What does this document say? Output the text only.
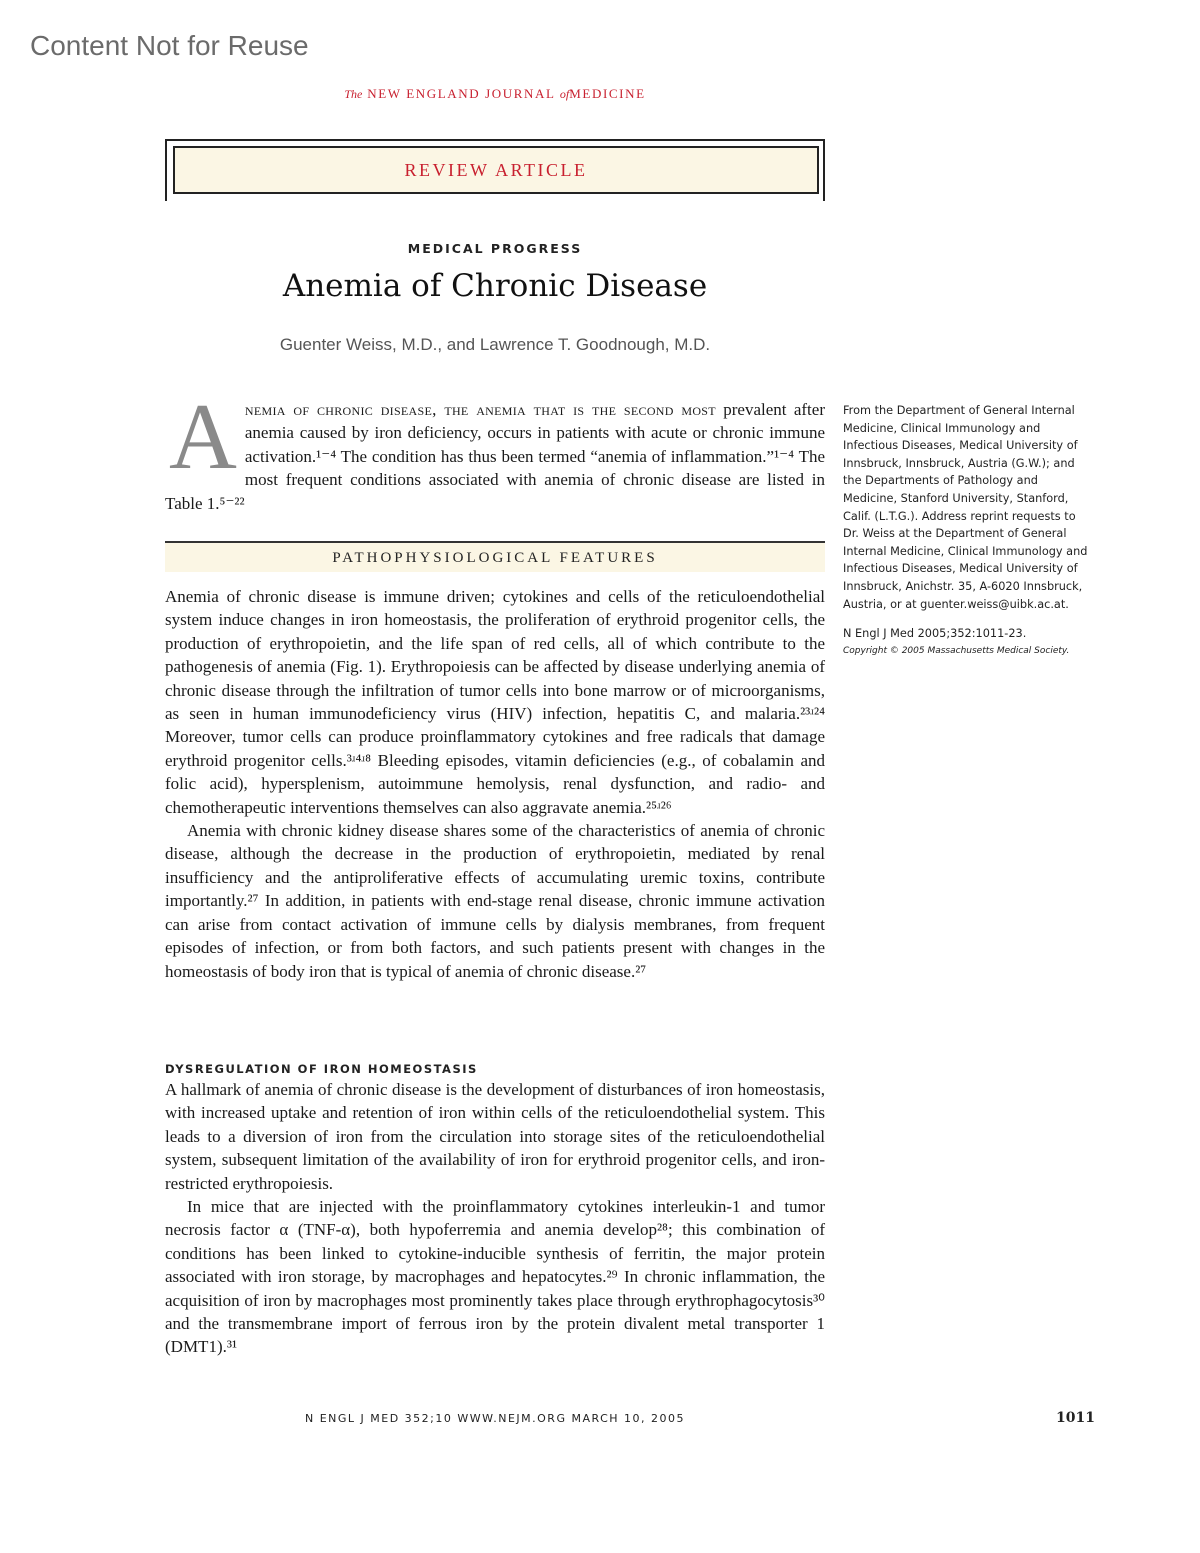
Content Not for Reuse
The NEW ENGLAND JOURNAL ofMEDICINE
REVIEW ARTICLE
MEDICAL PROGRESS
Anemia of Chronic Disease
Guenter Weiss, M.D., and Lawrence T. Goodnough, M.D.
Anemia of chronic disease, the anemia that is the second most prevalent after anemia caused by iron deficiency, occurs in patients with acute or chronic immune activation.¹⁻⁴ The condition has thus been termed “anemia of inflammation.”¹⁻⁴ The most frequent conditions associated with anemia of chronic disease are listed in Table 1.⁵⁻²²
PATHOPHYSIOLOGICAL FEATURES

Anemia of chronic disease is immune driven; cytokines and cells of the reticuloendothelial system induce changes in iron homeostasis, the proliferation of erythroid progenitor cells, the production of erythropoietin, and the life span of red cells, all of which contribute to the pathogenesis of anemia (Fig. 1). Erythropoiesis can be affected by disease underlying anemia of chronic disease through the infiltration of tumor cells into bone marrow or of microorganisms, as seen in human immunodeficiency virus (HIV) infection, hepatitis C, and malaria.²³ʴ²⁴ Moreover, tumor cells can produce proinflammatory cytokines and free radicals that damage erythroid progenitor cells.³ʴ⁴ʴ⁸ Bleeding episodes, vitamin deficiencies (e.g., of cobalamin and folic acid), hypersplenism, autoimmune hemolysis, renal dysfunction, and radio- and chemotherapeutic interventions themselves can also aggravate anemia.²⁵ʴ²⁶

Anemia with chronic kidney disease shares some of the characteristics of anemia of chronic disease, although the decrease in the production of erythropoietin, mediated by renal insufficiency and the antiproliferative effects of accumulating uremic toxins, contribute importantly.²⁷ In addition, in patients with end-stage renal disease, chronic immune activation can arise from contact activation of immune cells by dialysis membranes, from frequent episodes of infection, or from both factors, and such patients present with changes in the homeostasis of body iron that is typical of anemia of chronic disease.²⁷

DYSREGULATION OF IRON HOMEOSTASIS

A hallmark of anemia of chronic disease is the development of disturbances of iron homeostasis, with increased uptake and retention of iron within cells of the reticuloendothelial system. This leads to a diversion of iron from the circulation into storage sites of the reticuloendothelial system, subsequent limitation of the availability of iron for erythroid progenitor cells, and iron-restricted erythropoiesis.

In mice that are injected with the proinflammatory cytokines interleukin-1 and tumor necrosis factor α (TNF-α), both hypoferremia and anemia develop²⁸; this combination of conditions has been linked to cytokine-inducible synthesis of ferritin, the major protein associated with iron storage, by macrophages and hepatocytes.²⁹ In chronic inflammation, the acquisition of iron by macrophages most prominently takes place through erythrophagocytosis³⁰ and the transmembrane import of ferrous iron by the protein divalent metal transporter 1 (DMT1).³¹

From the Department of General Internal Medicine, Clinical Immunology and Infectious Diseases, Medical University of Innsbruck, Innsbruck, Austria (G.W.); and the Departments of Pathology and Medicine, Stanford University, Stanford, Calif. (L.T.G.). Address reprint requests to Dr. Weiss at the Department of General Internal Medicine, Clinical Immunology and Infectious Diseases, Medical University of Innsbruck, Anichstr. 35, A-6020 Innsbruck, Austria, or at guenter.weiss@uibk.ac.at.

N Engl J Med 2005;352:1011-23.

Copyright © 2005 Massachusetts Medical Society.

N ENGL J MED 352;10 WWW.NEJM.ORG MARCH 10, 2005	1011
